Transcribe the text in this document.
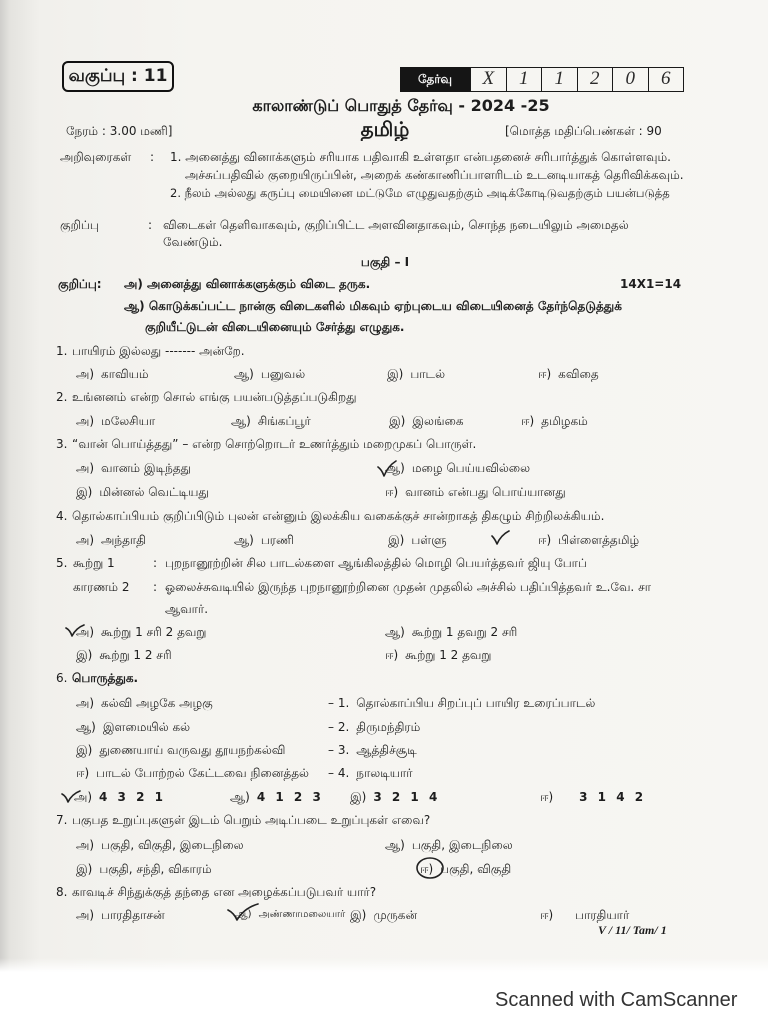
வகுப்பு : 11	தேர்வு	X	1	1	2	0	6
காலாண்டுப் பொதுத் தேர்வு - 2024 -25
நேரம் : 3.00 மணி]	தமிழ்	[மொத்த மதிப்பெண்கள் : 90
அறிவுரைகள்	:	1. அனைத்து வினாக்களும் சரியாக பதிவாகி உள்ளதா என்பதனைச் சரிபார்த்துக் கொள்ளவும்.
அச்சுப்பதிவில் குறையிருப்பின், அறைக் கண்காணிப்பாளரிடம் உடனடியாகத் தெரிவிக்கவும்.
2. நீலம் அல்லது கருப்பு மையினை மட்டுமே எழுதுவதற்கும் அடிக்கோடிடுவதற்கும் பயன்படுத்த
குறிப்பு	: விடைகள் தெளிவாகவும், குறிப்பிட்ட அளவினதாகவும், சொந்த நடையிலும் அமைதல்
வேண்டும்.
பகுதி – I
குறிப்பு:	அ) அனைத்து வினாக்களுக்கும் விடை தருக.	14X1=14
ஆ) கொடுக்கப்பட்ட நான்கு விடைகளில் மிகவும் ஏற்புடைய விடையினைத் தேர்ந்தெடுத்துக்
குறியீட்டுடன் விடையினையும் சேர்த்து எழுதுக.
1. பாயிரம் இல்லது ------- அன்றே.
அ) காவியம்	ஆ) பனுவல்	இ) பாடல்	ஈ) கவிதை
2. உங்னனம் என்ற சொல் எங்கு பயன்படுத்தப்படுகிறது
அ) மலேசியா	ஆ) சிங்கப்பூர்	இ) இலங்கை	ஈ) தமிழகம்
3. “வான் பொய்த்தது” – என்ற சொற்றொடர் உணர்த்தும் மறைமுகப் பொருள்.
அ) வானம் இடிந்தது	ஆ) மழை பெய்யவில்லை
இ) மின்னல் வெட்டியது	ஈ) வானம் என்பது பொய்யானது
4. தொல்காப்பியம் குறிப்பிடும் புலன் என்னும் இலக்கிய வகைக்குச் சான்றாகத் திகழும் சிற்றிலக்கியம்.
அ) அந்தாதி	ஆ) பரணி	இ) பள்ளு	ஈ) பிள்ளைத்தமிழ்
5. கூற்று 1	: புறநானூற்றின் சில பாடல்களை ஆங்கிலத்தில் மொழி பெயர்த்தவர் ஜியு போப்
காரணம் 2	: ஓலைச்சுவடியில் இருந்த புறநானூற்றினை முதன் முதலில் அச்சில் பதிப்பித்தவர் உ.வே. சா
ஆவார்.
அ) கூற்று 1 சரி 2 தவறு	ஆ) கூற்று 1 தவறு 2 சரி
இ) கூற்று 1 2 சரி	ஈ) கூற்று 1 2 தவறு
6. பொருத்துக.
அ) கல்வி அழகே அழகு	– 1. தொல்காப்பிய சிறப்புப் பாயிர உரைப்பாடல்
ஆ) இளமையில் கல்	– 2. திருமந்திரம்
இ) துணையாய் வருவது தூயநற்கல்வி	– 3. ஆத்திச்சூடி
ஈ) பாடல் போற்றல் கேட்டவை நினைத்தல்	– 4. நாலடியார்
அ) 4 3 2 1	ஆ) 4 1 2 3	இ) 3 2 1 4	ஈ) 3 1 4 2
7. பகுபத உறுப்புகளுள் இடம் பெறும் அடிப்படை உறுப்புகள் எவை?
அ) பகுதி, விகுதி, இடைநிலை	ஆ) பகுதி, இடைநிலை
இ) பகுதி, சந்தி, விகாரம்	ஈ) பகுதி, விகுதி
8. காவடிச் சிந்துக்குத் தந்தை என அழைக்கப்படுபவர் யார்?
அ) பாரதிதாசன்	ஆ) அண்ணாமலையார் இ) முருகன்	ஈ) பாரதியார்
V / 11/ Tam/ 1
Scanned with CamScanner
